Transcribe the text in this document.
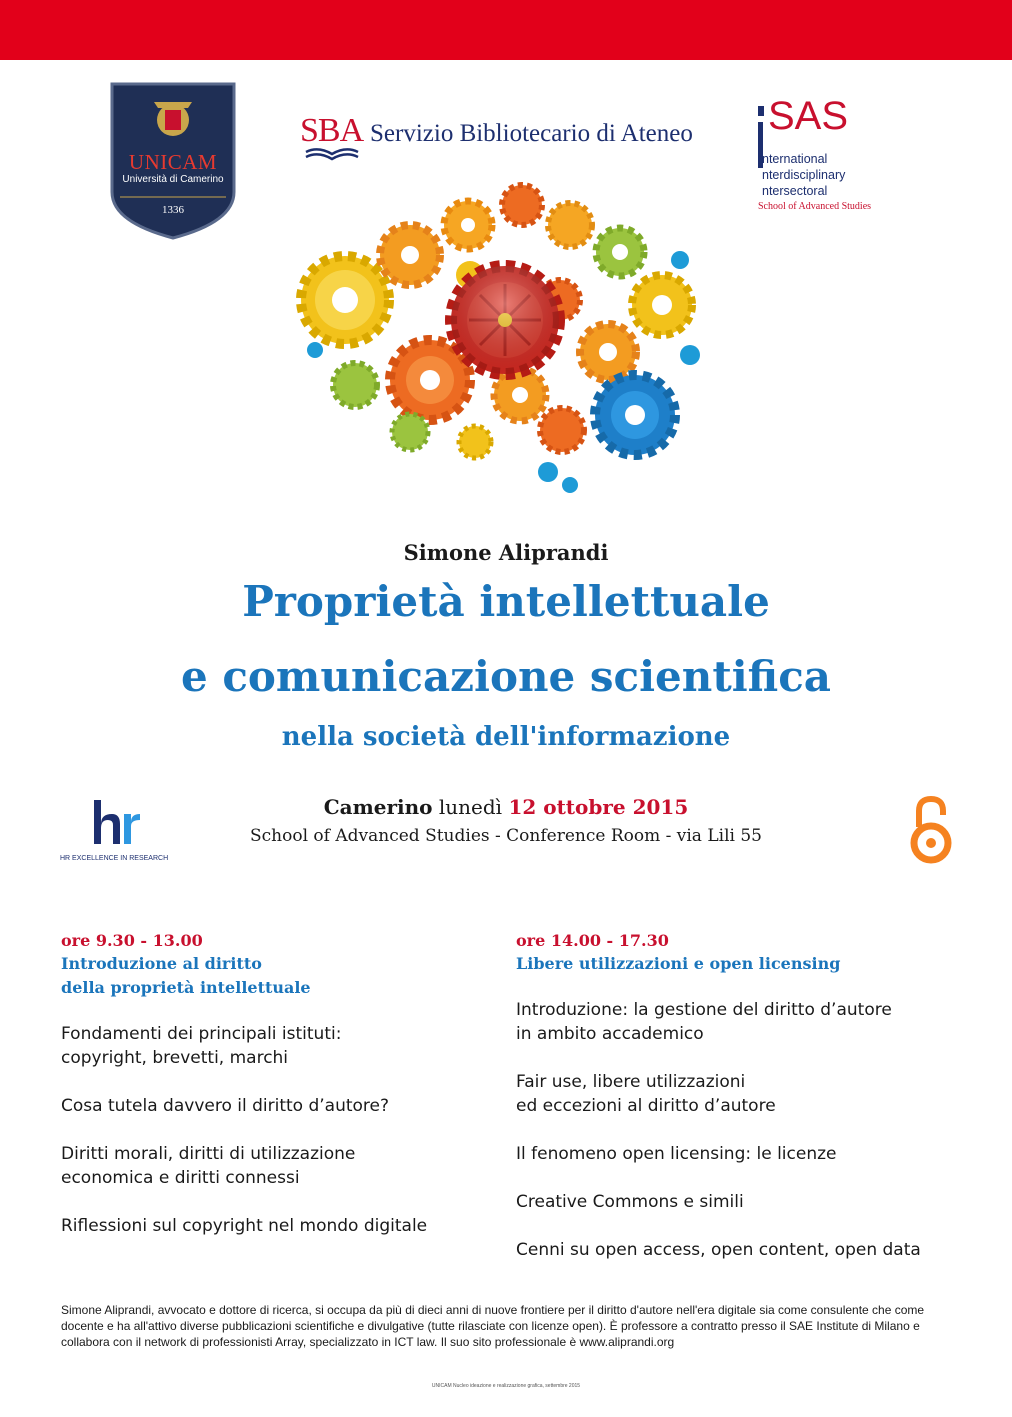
UNICAM
Università di Camerino
1336
SBA Servizio Bibliotecario di Ateneo SAS
nternational
nterdisciplinary
ntersectoral
School of Advanced Studies
Simone Aliprandi
Proprietà intellettuale
e comunicazione scientifica
nella società dell'informazione
Camerino lunedì 12 ottobre 2015
School of Advanced Studies - Conference Room - via Lili 55
HR EXCELLENCE IN RESEARCH
ore 9.30 - 13.00
Introduzione al diritto
della proprietà intellettuale
Fondamenti dei principali istituti:
copyright, brevetti, marchi
Cosa tutela davvero il diritto d’autore?
Diritti morali, diritti di utilizzazione
economica e diritti connessi
Riflessioni sul copyright nel mondo digitale
ore 14.00 - 17.30
Libere utilizzazioni e open licensing
Introduzione: la gestione del diritto d’autore
in ambito accademico
Fair use, libere utilizzazioni
ed eccezioni al diritto d’autore
Il fenomeno open licensing: le licenze
Creative Commons e simili
Cenni su open access, open content, open data
Simone Aliprandi, avvocato e dottore di ricerca, si occupa da più di dieci anni di nuove frontiere per il diritto d'autore nell'era digitale sia come consulente che come docente e ha all'attivo diverse pubblicazioni scientifiche e divulgative (tutte rilasciate con licenze open). È professore a contratto presso il SAE Institute di Milano e collabora con il network di professionisti Array, specializzato in ICT law. Il suo sito professionale è www.aliprandi.org
UNICAM Nucleo ideazione e realizzazione grafica, settembre 2015
